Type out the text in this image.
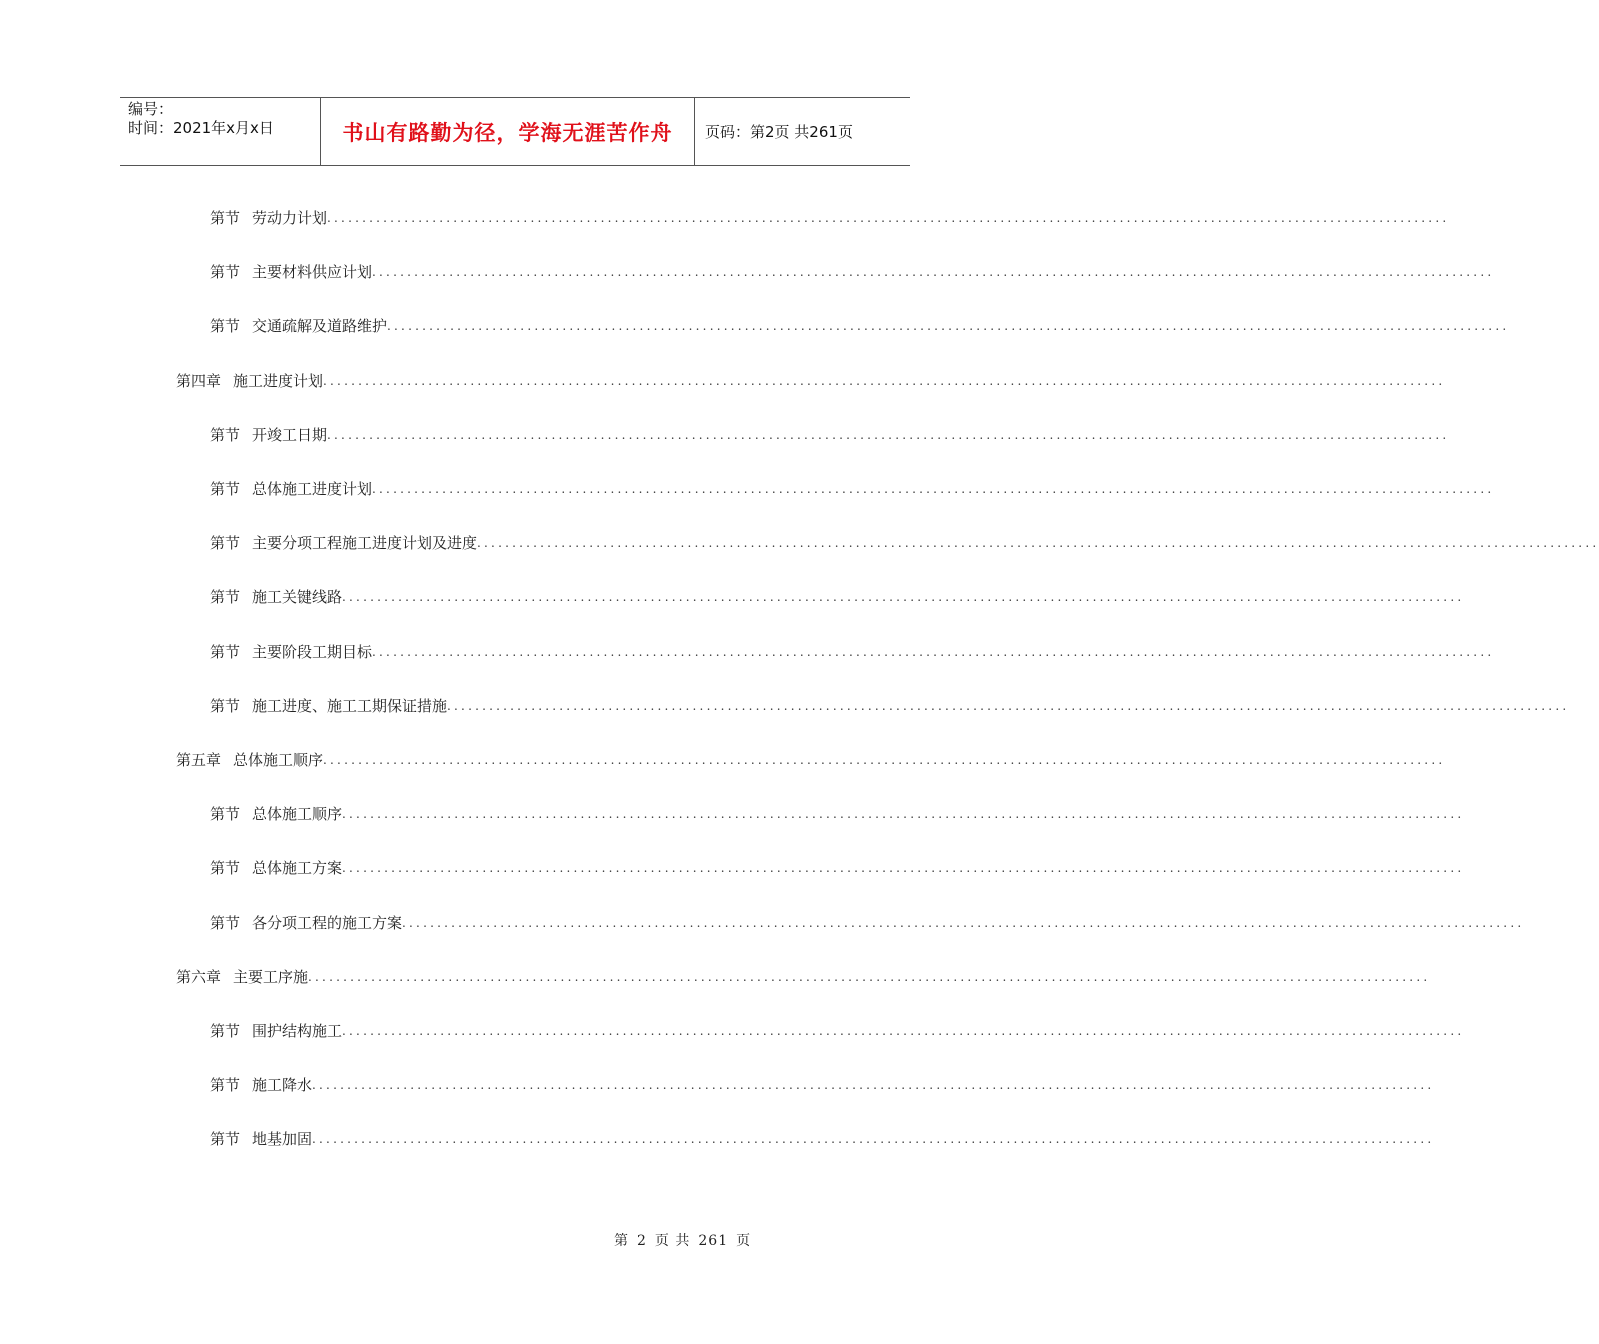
编号：
时间：2021年x月x日	书山有路勤为径，学海无涯苦作舟	页码：第2页 共261页
第节 劳动力计划 ................................................................................................................................................................
第节 主要材料供应计划 ................................................................................................................................................................
第节 交通疏解及道路维护 ................................................................................................................................................................
第四章 施工进度计划 ................................................................................................................................................................
第节 开竣工日期 ................................................................................................................................................................
第节 总体施工进度计划 ................................................................................................................................................................
第节 主要分项工程施工进度计划及进度 ................................................................................................................................................................
第节 施工关键线路 ................................................................................................................................................................
第节 主要阶段工期目标 ................................................................................................................................................................
第节 施工进度、施工工期保证措施 ................................................................................................................................................................
第五章 总体施工顺序 ................................................................................................................................................................
第节 总体施工顺序 ................................................................................................................................................................
第节 总体施工方案 ................................................................................................................................................................
第节 各分项工程的施工方案 ................................................................................................................................................................
第六章 主要工序施 ................................................................................................................................................................
第节 围护结构施工 ................................................................................................................................................................
第节 施工降水 ................................................................................................................................................................
第节 地基加固 ................................................................................................................................................................
第 2 页 共 261 页
